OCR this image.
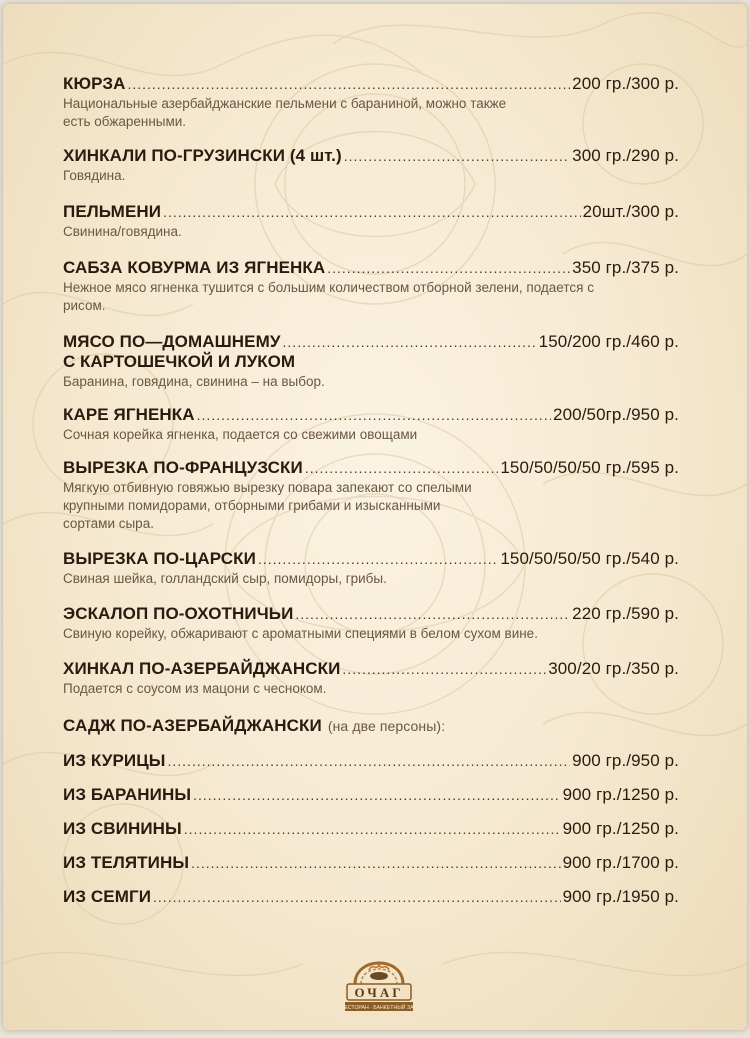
КЮРЗА .....	200 гр./300 р.
Национальные азербайджанские пельмени с бараниной, можно также есть обжаренными.
ХИНКАЛИ ПО-ГРУЗИНСКИ (4 шт.) .....	300 гр./290 р.
Говядина.
ПЕЛЬМЕНИ .....	20шт./300 р.
Свинина/говядина.
САБЗА КОВУРМА ИЗ ЯГНЕНКА .....	350 гр./375 р.
Нежное мясо ягненка тушится с большим количеством отборной зелени, подается с рисом.
МЯСО ПО—ДОМАШНЕМУ .....	150/200 гр./460 р.
С КАРТОШЕЧКОЙ И ЛУКОМ
Баранина, говядина, свинина – на выбор.
КАРЕ ЯГНЕНКА .....	200/50гр./950 р.
Сочная корейка ягненка, подается со свежими овощами
ВЫРЕЗКА ПО-ФРАНЦУЗСКИ .....	150/50/50/50 гр./595 р.
Мягкую отбивную говяжью вырезку повара запекают со спелыми крупными помидорами, отборными грибами и изысканными сортами сыра.
ВЫРЕЗКА ПО-ЦАРСКИ .....	150/50/50/50 гр./540 р.
Свиная шейка, голландский сыр, помидоры, грибы.
ЭСКАЛОП ПО-ОХОТНИЧЬИ .....	220 гр./590 р.
Свиную корейку, обжаривают с ароматными специями в белом сухом вине.
ХИНКАЛ ПО-АЗЕРБАЙДЖАНСКИ .....	300/20 гр./350 р.
Подается с соусом из мацони с чесноком.
САДЖ ПО-АЗЕРБАЙДЖАНСКИ (на две персоны):
ИЗ КУРИЦЫ .....	900 гр./950 р.
ИЗ БАРАНИНЫ .....	900 гр./1250 р.
ИЗ СВИНИНЫ .....	900 гр./1250 р.
ИЗ ТЕЛЯТИНЫ .....	900 гр./1700 р.
ИЗ СЕМГИ .....	900 гр./1950 р.
ОЧАГ
РЕСТОРАН · БАНКЕТНЫЙ ЗАЛ
